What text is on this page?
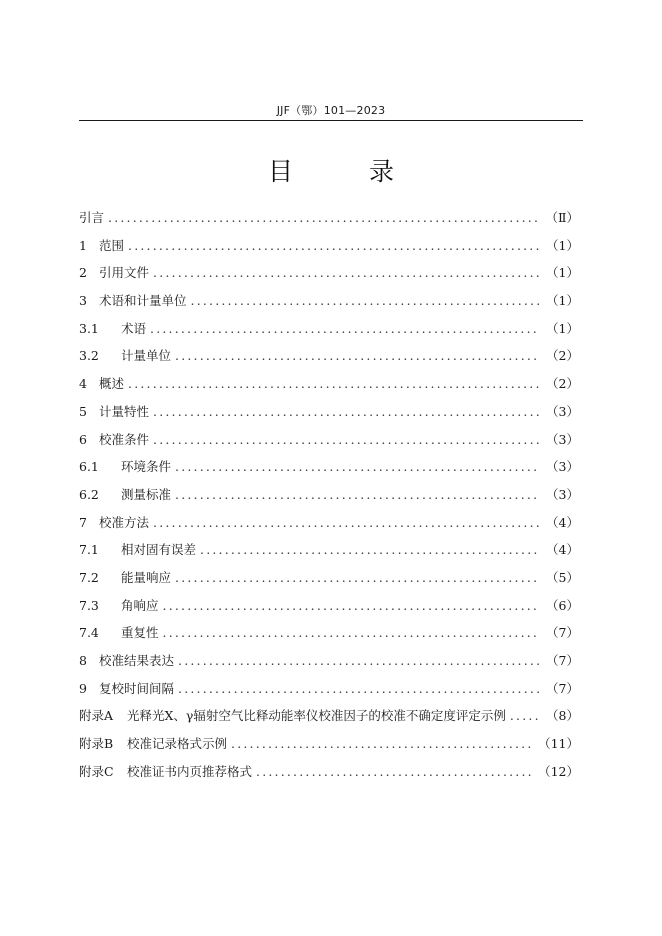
JJF（鄂）101—2023
目 录
引言 .....	（Ⅱ）
1 范围 .....	（1）
2 引用文件 .....	（1）
3 术语和计量单位 .....	（1）
3.1	术语 .....	（1）
3.2	计量单位 .....	（2）
4 概述 .....	（2）
5 计量特性 .....	（3）
6 校准条件 .....	（3）
6.1	环境条件 .....	（3）
6.2	测量标准 .....	（3）
7 校准方法 .....	（4）
7.1	相对固有误差 .....	（4）
7.2	能量响应 .....	（5）
7.3	角响应 .....	（6）
7.4	重复性 .....	（7）
8 校准结果表达 .....	（7）
9 复校时间间隔 .....	（7）
附录A	光释光X、γ辐射空气比释动能率仪校准因子的校准不确定度评定示例 .....	（8）
附录B	校准记录格式示例 .....	（11）
附录C	校准证书内页推荐格式 .....	（12）
